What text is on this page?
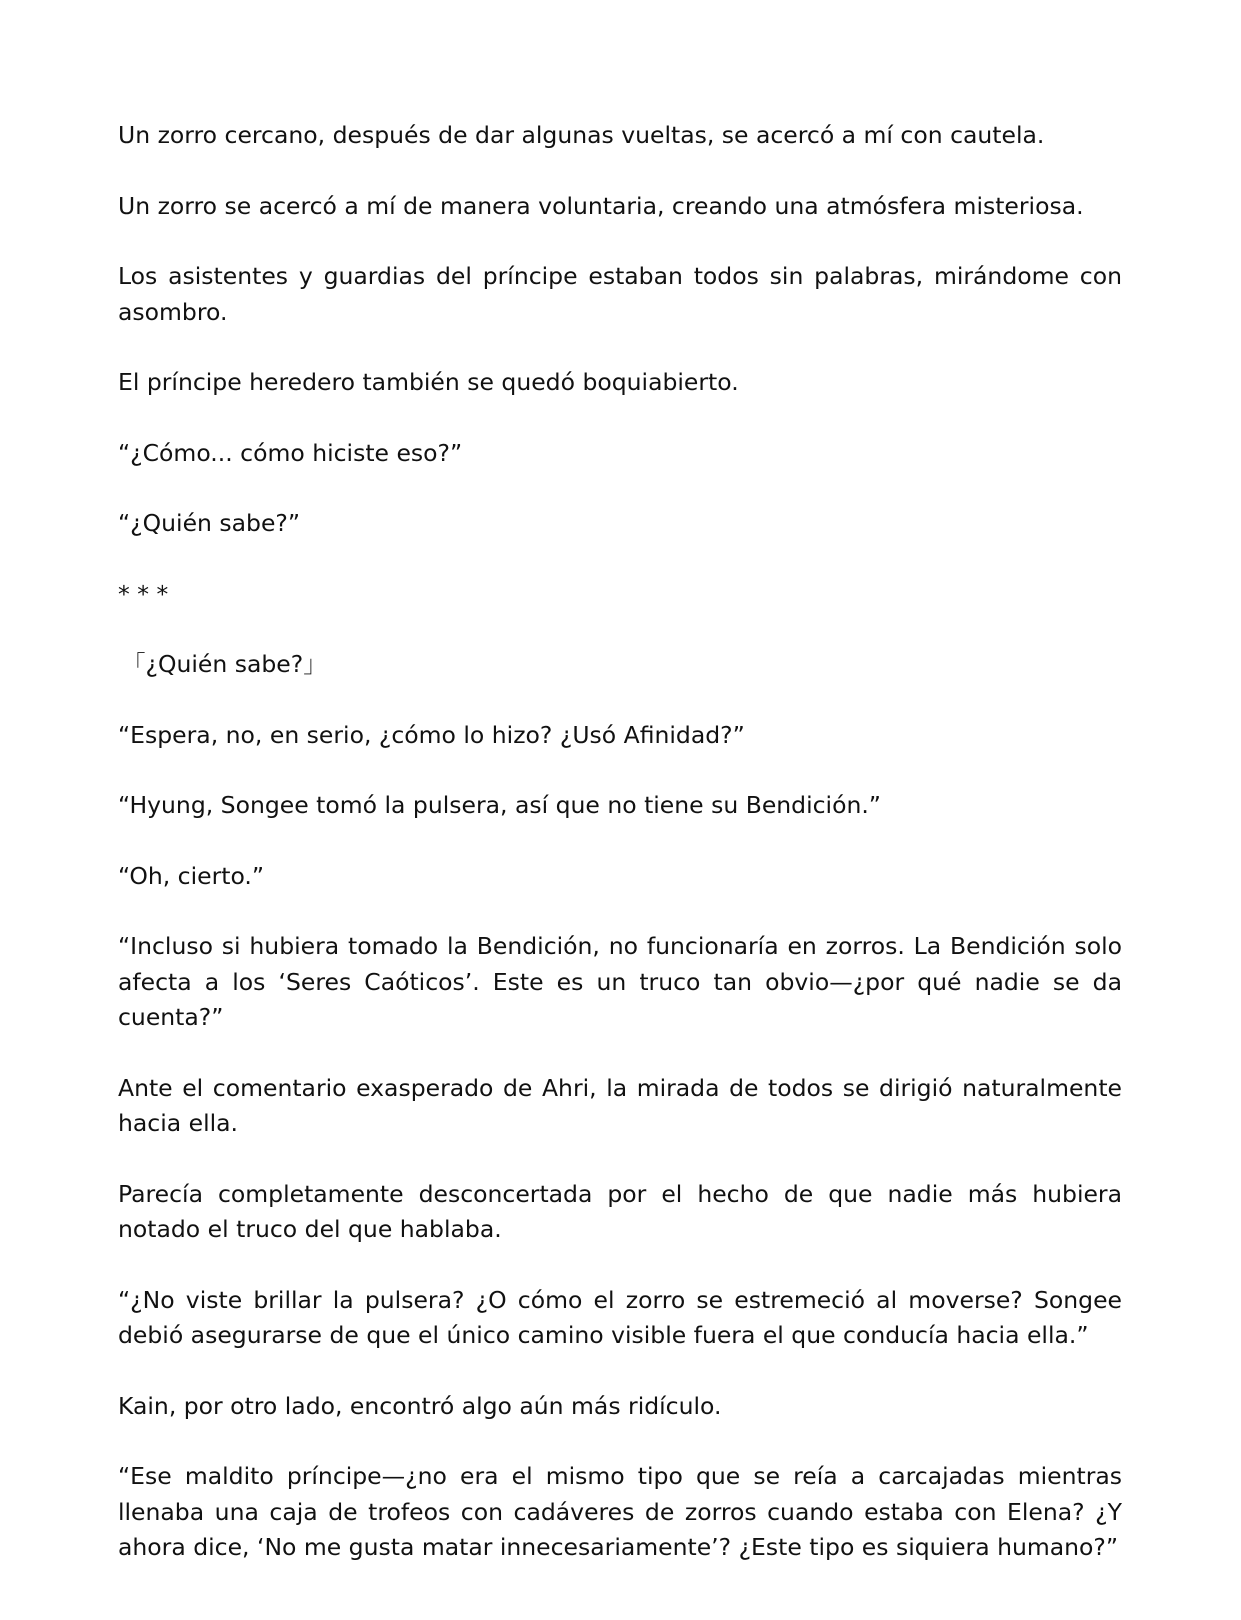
Un zorro cercano, después de dar algunas vueltas, se acercó a mí con cautela.

Un zorro se acercó a mí de manera voluntaria, creando una atmósfera misteriosa.

Los asistentes y guardias del príncipe estaban todos sin palabras, mirándome con asombro.

El príncipe heredero también se quedó boquiabierto.

“¿Cómo... cómo hiciste eso?”

“¿Quién sabe?”

* * *

「¿Quién sabe?」

“Espera, no, en serio, ¿cómo lo hizo? ¿Usó Afinidad?”

“Hyung, Songee tomó la pulsera, así que no tiene su Bendición.”

“Oh, cierto.”

“Incluso si hubiera tomado la Bendición, no funcionaría en zorros. La Bendición solo afecta a los ‘Seres Caóticos’. Este es un truco tan obvio—¿por qué nadie se da cuenta?”

Ante el comentario exasperado de Ahri, la mirada de todos se dirigió naturalmente hacia ella.

Parecía completamente desconcertada por el hecho de que nadie más hubiera notado el truco del que hablaba.

“¿No viste brillar la pulsera? ¿O cómo el zorro se estremeció al moverse? Songee debió asegurarse de que el único camino visible fuera el que conducía hacia ella.”

Kain, por otro lado, encontró algo aún más ridículo.

“Ese maldito príncipe—¿no era el mismo tipo que se reía a carcajadas mientras llenaba una caja de trofeos con cadáveres de zorros cuando estaba con Elena? ¿Y ahora dice, ‘No me gusta matar innecesariamente’? ¿Este tipo es siquiera humano?”
